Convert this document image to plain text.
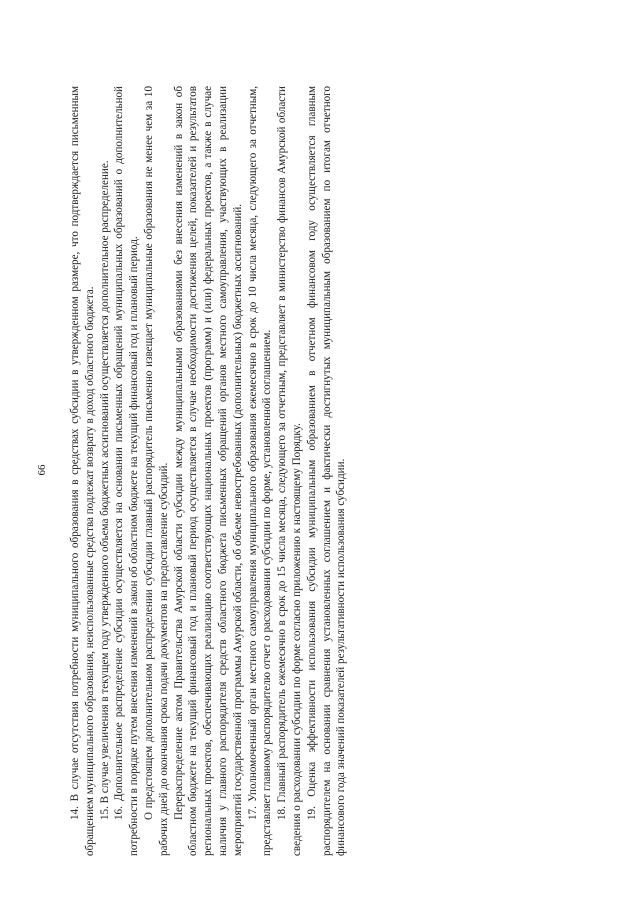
66 14. В случае отсутствия потребности муниципального образования в средствах субсидии в утвержденном размере, что подтверждается письменным обращением муниципального образования, неиспользованные средства подлежат возврату в доход областного бюджета. 15. В случае увеличения в текущем году утвержденного объема бюджетных ассигнований осуществляется дополнительное распределение. 16. Дополнительное распределение субсидии осуществляется на основании письменных обращений муниципальных образований о дополнительной потребности в порядке путем внесения изменений в закон об областном бюджете на текущий финансовый год и плановый период. О предстоящем дополнительном распределении субсидии главный распорядитель письменно извещает муниципальные образования не менее чем за 10 рабочих дней до окончания срока подачи документов на предоставление субсидий. Перераспределение актом Правительства Амурской области субсидии между муниципальными образованиями без внесения изменений в закон об областном бюджете на текущий финансовый год и плановый период осуществляется в случае необходимости достижения целей, показателей и результатов региональных проектов, обеспечивающих реализацию соответствующих национальных проектов (программ) и (или) федеральных проектов, а также в случае наличия у главного распорядителя средств областного бюджета письменных обращений органов местного самоуправления, участвующих в реализации мероприятий государственной программы Амурской области, об объеме невостребованных (дополнительных) бюджетных ассигнований. 17. Уполномоченный орган местного самоуправления муниципального образования ежемесячно в срок до 10 числа месяца, следующего за отчетным, представляет главному распорядителю отчет о расходовании субсидии по форме, установленной соглашением. 18. Главный распорядитель ежемесячно в срок до 15 числа месяца, следующего за отчетным, представляет в министерство финансов Амурской области сведения о расходовании субсидии по форме согласно приложению к настоящему Порядку. 19. Оценка эффективности использования субсидии муниципальным образованием в отчетном финансовом году осуществляется главным распорядителем на основании сравнения установленных соглашением и фактически достигнутых муниципальным образованием по итогам отчетного финансового года значений показателей результативности использования субсидии.
